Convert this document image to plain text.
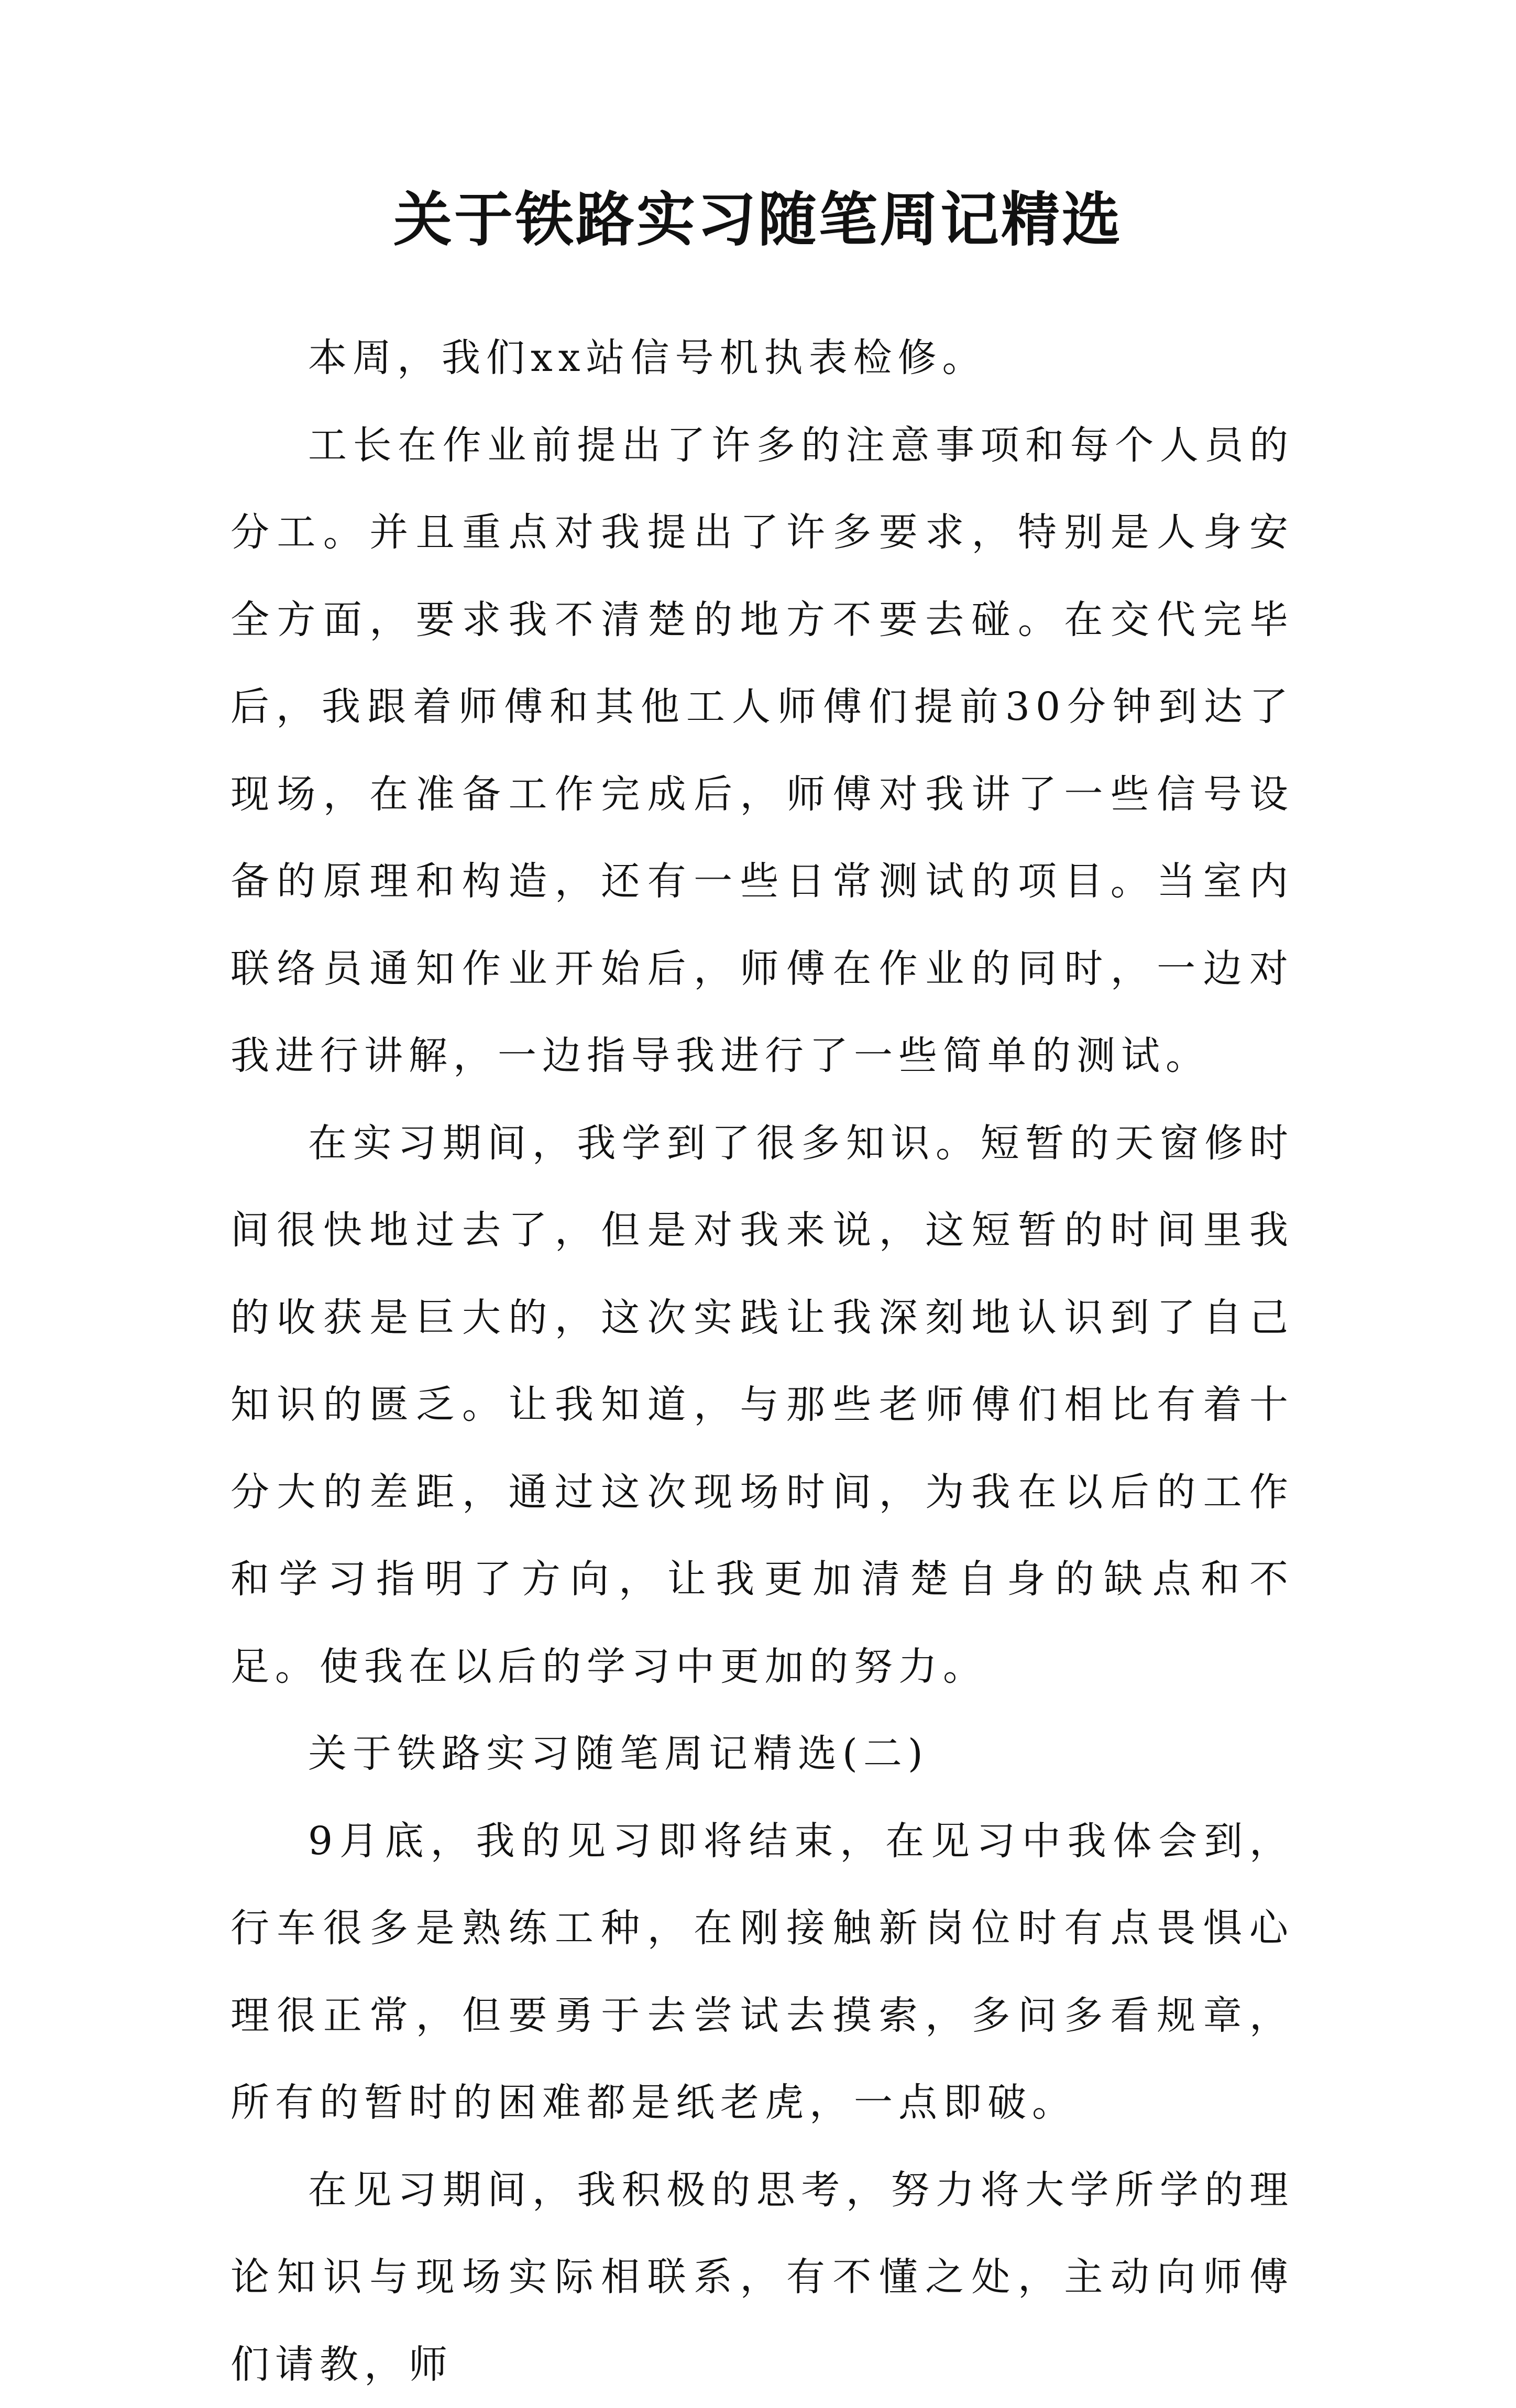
关于铁路实习随笔周记精选

本周，我们xx站信号机执表检修。

工长在作业前提出了许多的注意事项和每个人员的分工。并且重点对我提出了许多要求，特别是人身安全方面，要求我不清楚的地方不要去碰。在交代完毕后，我跟着师傅和其他工人师傅们提前30分钟到达了现场，在准备工作完成后，师傅对我讲了一些信号设备的原理和构造，还有一些日常测试的项目。当室内联络员通知作业开始后，师傅在作业的同时，一边对我进行讲解，一边指导我进行了一些简单的测试。

在实习期间，我学到了很多知识。短暂的天窗修时间很快地过去了，但是对我来说，这短暂的时间里我的收获是巨大的，这次实践让我深刻地认识到了自己知识的匮乏。让我知道，与那些老师傅们相比有着十分大的差距，通过这次现场时间，为我在以后的工作和学习指明了方向，让我更加清楚自身的缺点和不足。使我在以后的学习中更加的努力。

关于铁路实习随笔周记精选(二)

9月底，我的见习即将结束，在见习中我体会到，行车很多是熟练工种，在刚接触新岗位时有点畏惧心理很正常，但要勇于去尝试去摸索，多问多看规章，所有的暂时的困难都是纸老虎，一点即破。

在见习期间，我积极的思考，努力将大学所学的理论知识与现场实际相联系，有不懂之处，主动向师傅们请教，师
